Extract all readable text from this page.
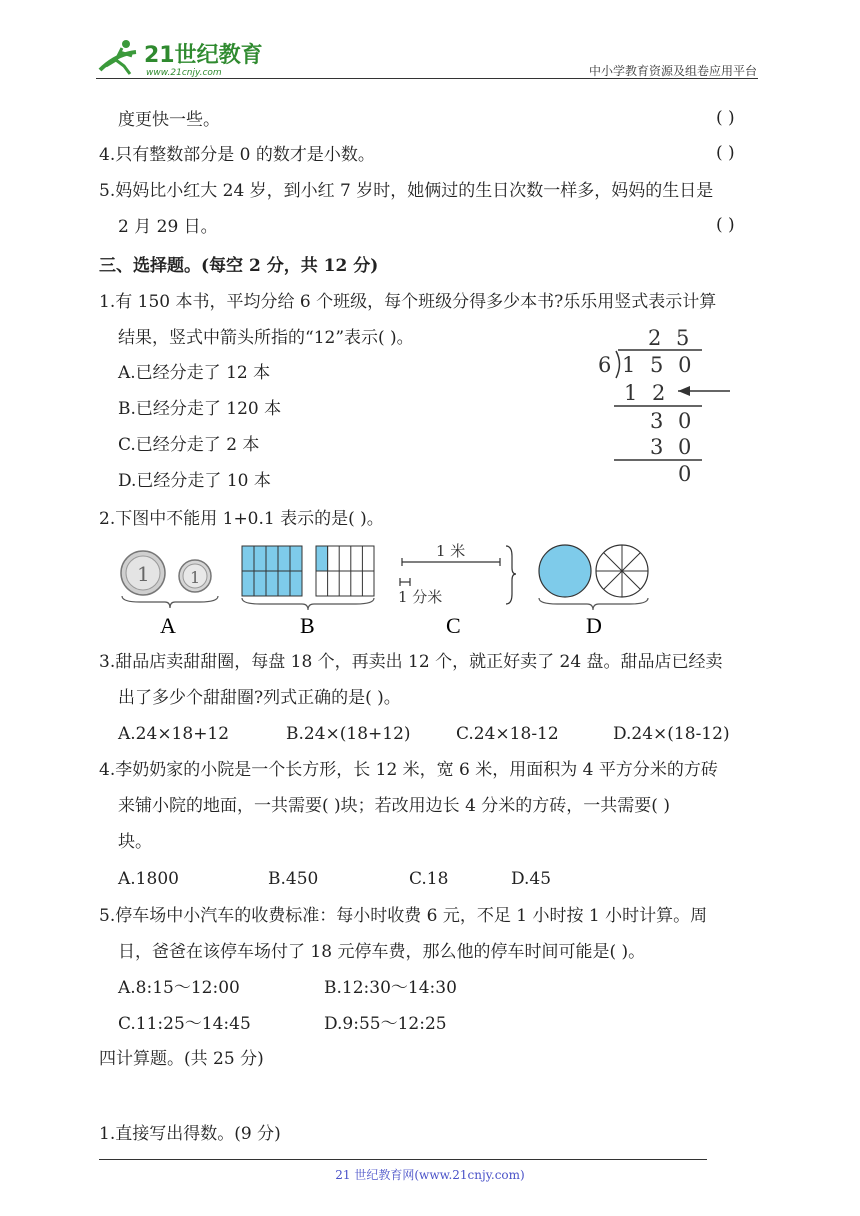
21世纪教育
www.21cnjy.com	中小学教育资源及组卷应用平台
度更快一些。	( )
4.只有整数部分是 0 的数才是小数。	( )
5.妈妈比小红大 24 岁，到小红 7 岁时，她俩过的生日次数一样多，妈妈的生日是
2 月 29 日。	( )
三、选择题。(每空 2 分，共 12 分)
1.有 150 本书，平均分给 6 个班级，每个班级分得多少本书?乐乐用竖式表示计算
结果，竖式中箭头所指的“12”表示( )。
A.已经分走了 12 本
B.已经分走了 120 本
C.已经分走了 2 本
D.已经分走了 10 本
2 5
6 1 5 0
1 2
3 0
3 0
0
2.下图中不能用 1+0.1 表示的是( )。
1	1
1 米
1 分米
A	B	C	D
3.甜品店卖甜甜圈，每盘 18 个，再卖出 12 个，就正好卖了 24 盘。甜品店已经卖
出了多少个甜甜圈?列式正确的是( )。
A.24×18+12	B.24×(18+12)	C.24×18-12	D.24×(18-12)
4.李奶奶家的小院是一个长方形，长 12 米，宽 6 米，用面积为 4 平方分米的方砖
来铺小院的地面，一共需要( )块；若改用边长 4 分米的方砖，一共需要( )
块。
A.1800	B.450	C.18	D.45
5.停车场中小汽车的收费标准：每小时收费 6 元，不足 1 小时按 1 小时计算。周
日，爸爸在该停车场付了 18 元停车费，那么他的停车时间可能是( )。
A.8:15～12:00	B.12:30～14:30
C.11:25～14:45	D.9:55～12:25
四计算题。(共 25 分)
1.直接写出得数。(9 分)
21 世纪教育网(www.21cnjy.com)
